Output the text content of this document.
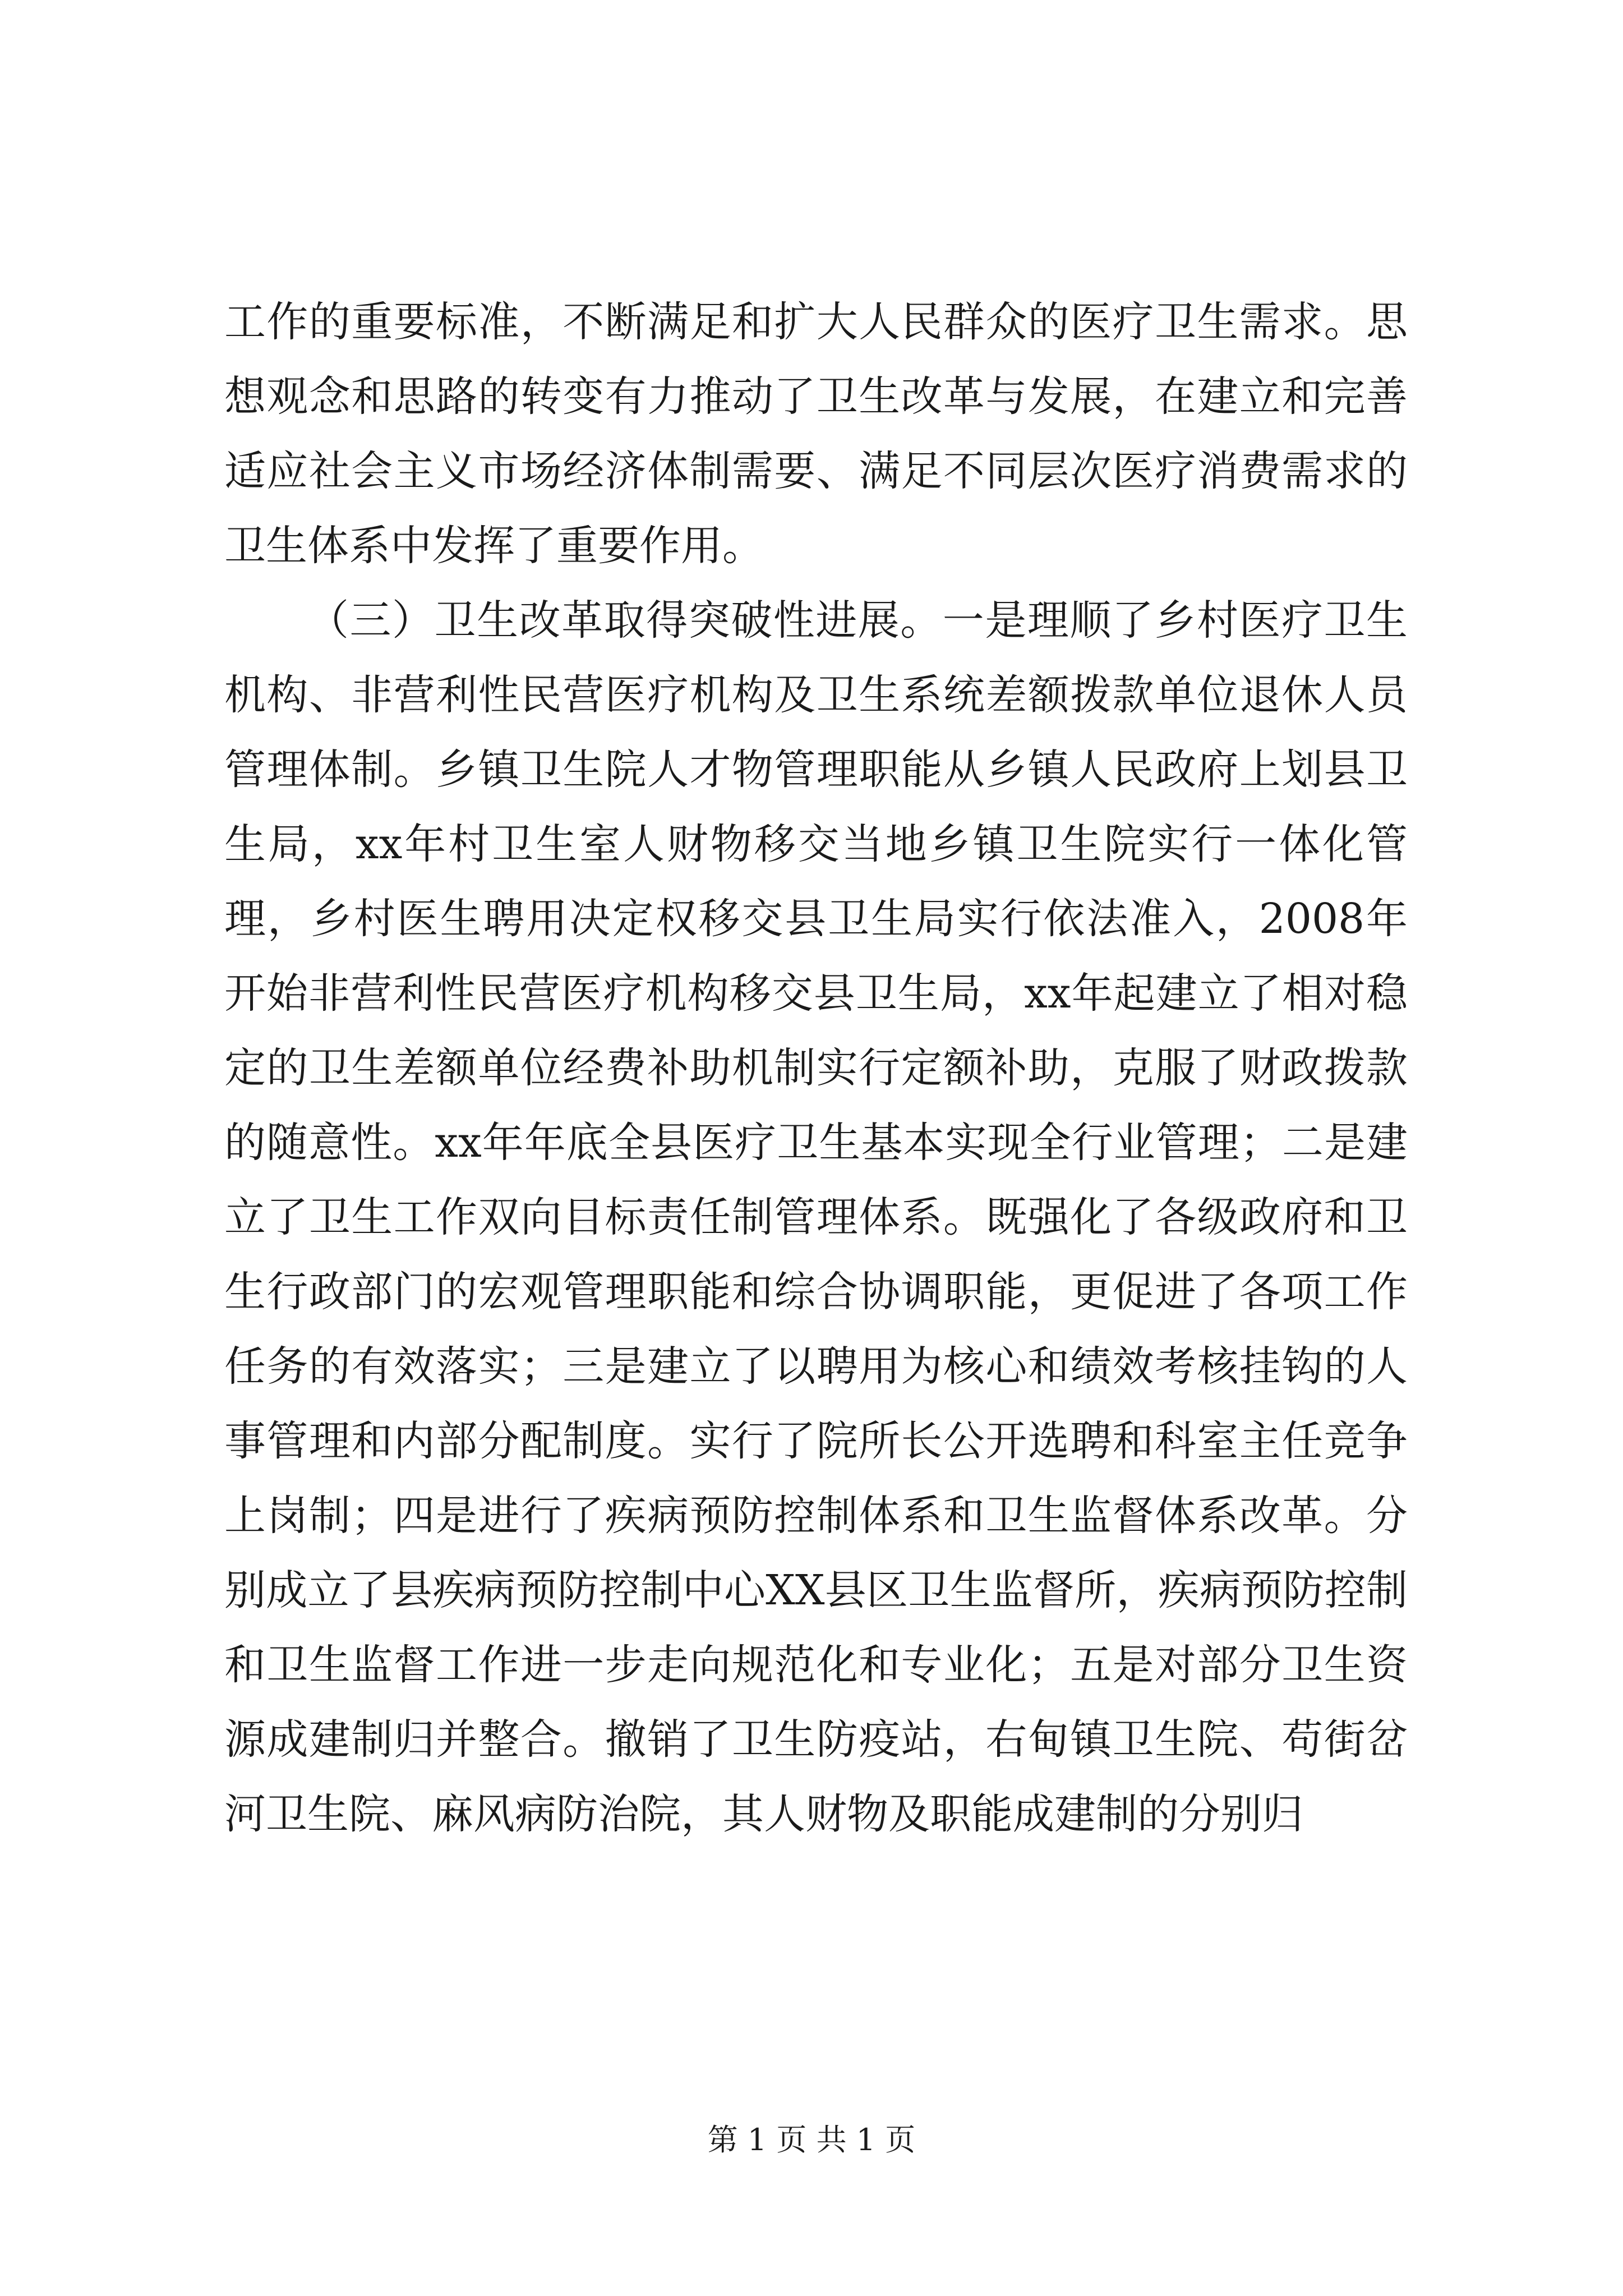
工作的重要标准，不断满足和扩大人民群众的医疗卫生需求。思想观念和思路的转变有力推动了卫生改革与发展，在建立和完善适应社会主义市场经济体制需要、满足不同层次医疗消费需求的卫生体系中发挥了重要作用。

（三）卫生改革取得突破性进展。一是理顺了乡村医疗卫生机构、非营利性民营医疗机构及卫生系统差额拨款单位退休人员管理体制。乡镇卫生院人才物管理职能从乡镇人民政府上划县卫生局，xx年村卫生室人财物移交当地乡镇卫生院实行一体化管理，乡村医生聘用决定权移交县卫生局实行依法准入，2008年开始非营利性民营医疗机构移交县卫生局，xx年起建立了相对稳定的卫生差额单位经费补助机制实行定额补助，克服了财政拨款的随意性。xx年年底全县医疗卫生基本实现全行业管理；二是建立了卫生工作双向目标责任制管理体系。既强化了各级政府和卫生行政部门的宏观管理职能和综合协调职能，更促进了各项工作任务的有效落实；三是建立了以聘用为核心和绩效考核挂钩的人事管理和内部分配制度。实行了院所长公开选聘和科室主任竞争上岗制；四是进行了疾病预防控制体系和卫生监督体系改革。分别成立了县疾病预防控制中心XX县区卫生监督所，疾病预防控制和卫生监督工作进一步走向规范化和专业化；五是对部分卫生资源成建制归并整合。撤销了卫生防疫站，右甸镇卫生院、苟街岔河卫生院、麻风病防治院，其人财物及职能成建制的分别归

第 1 页 共 1 页
